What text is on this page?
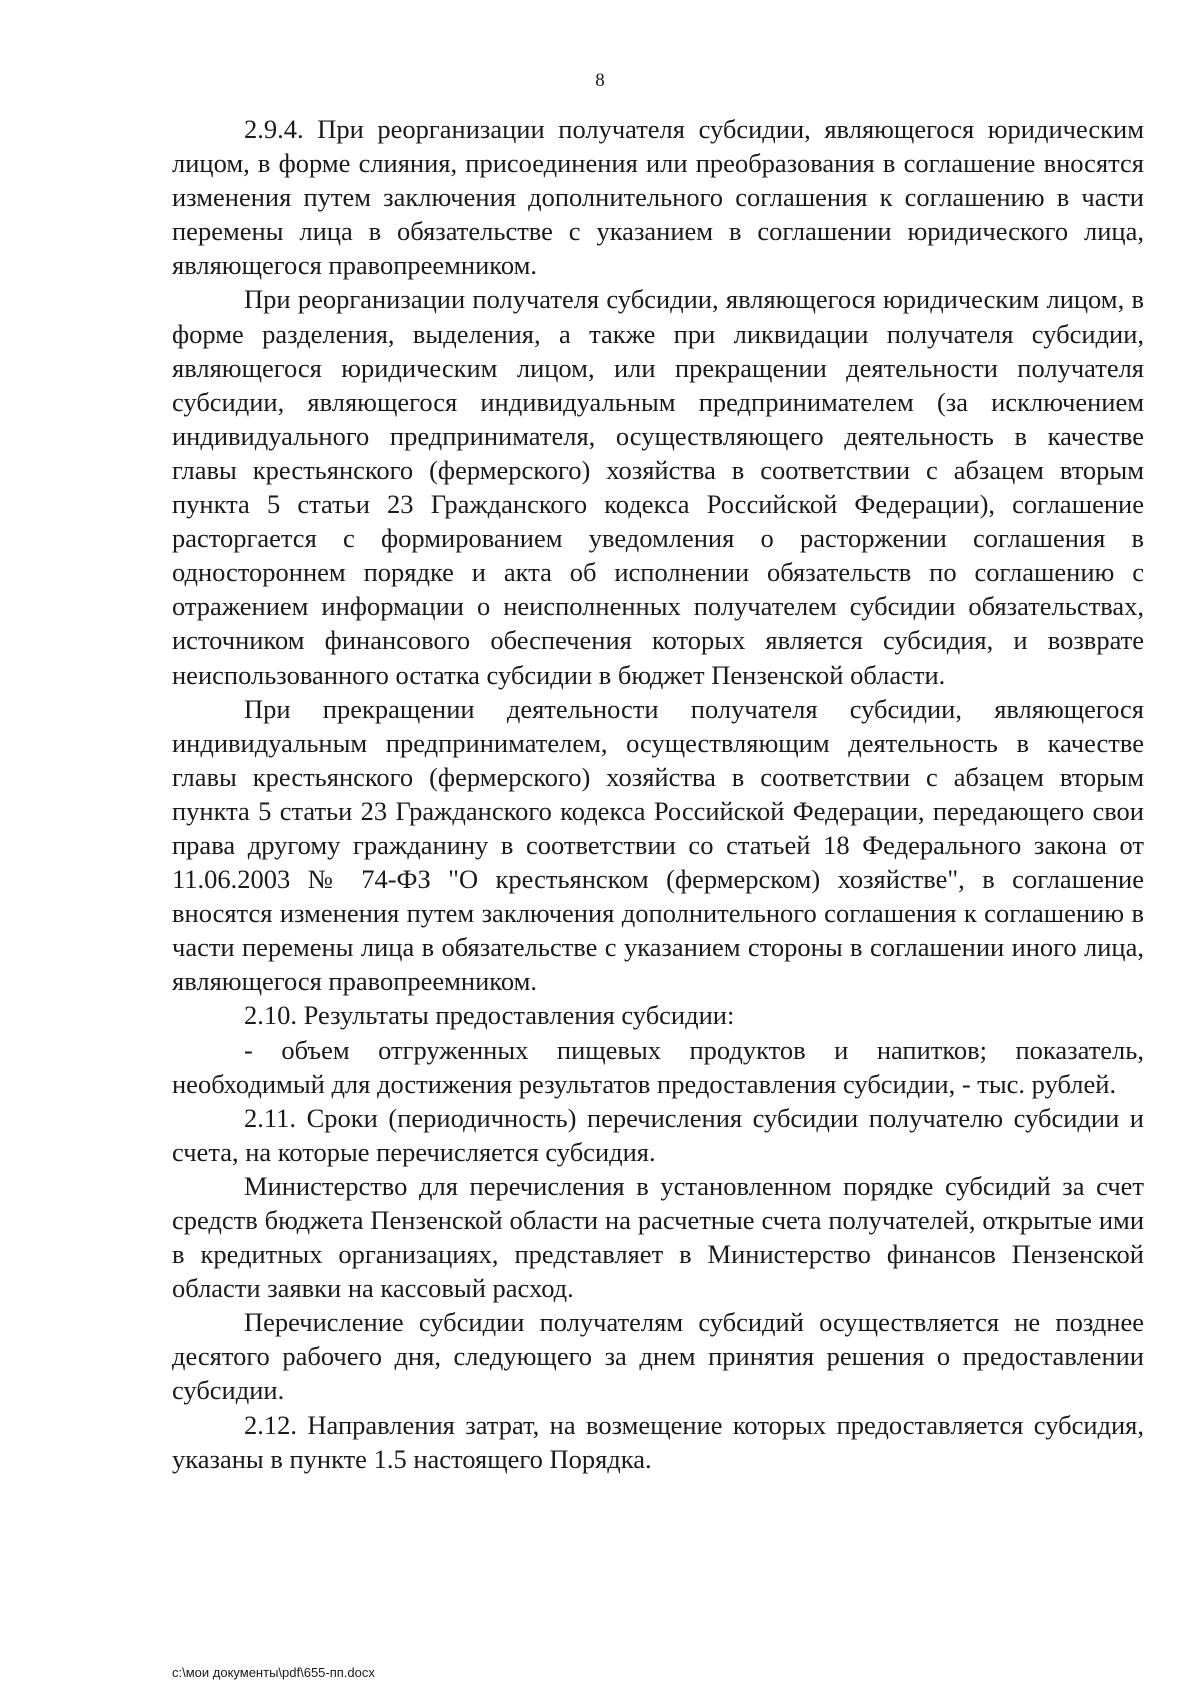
8

2.9.4. При реорганизации получателя субсидии, являющегося юридическим лицом, в форме слияния, присоединения или преобразования в соглашение вносятся изменения путем заключения дополнительного соглашения к соглашению в части перемены лица в обязательстве с указанием в соглашении юридического лица, являющегося правопреемником.

При реорганизации получателя субсидии, являющегося юридическим лицом, в форме разделения, выделения, а также при ликвидации получателя субсидии, являющегося юридическим лицом, или прекращении деятельности получателя субсидии, являющегося индивидуальным предпринимателем (за исключением индивидуального предпринимателя, осуществляющего деятельность в качестве главы крестьянского (фермерского) хозяйства в соответствии с абзацем вторым пункта 5 статьи 23 Гражданского кодекса Российской Федерации), соглашение расторгается с формированием уведомления о расторжении соглашения в одностороннем порядке и акта об исполнении обязательств по соглашению с отражением информации о неисполненных получателем субсидии обязательствах, источником финансового обеспечения которых является субсидия, и возврате неиспользованного остатка субсидии в бюджет Пензенской области.

При прекращении деятельности получателя субсидии, являющегося индивидуальным предпринимателем, осуществляющим деятельность в качестве главы крестьянского (фермерского) хозяйства в соответствии с абзацем вторым пункта 5 статьи 23 Гражданского кодекса Российской Федерации, передающего свои права другому гражданину в соответствии со статьей 18 Федерального закона от 11.06.2003 № 74-ФЗ "О крестьянском (фермерском) хозяйстве", в соглашение вносятся изменения путем заключения дополнительного соглашения к соглашению в части перемены лица в обязательстве с указанием стороны в соглашении иного лица, являющегося правопреемником.

2.10. Результаты предоставления субсидии:

- объем отгруженных пищевых продуктов и напитков; показатель, необходимый для достижения результатов предоставления субсидии, - тыс. рублей.

2.11. Сроки (периодичность) перечисления субсидии получателю субсидии и счета, на которые перечисляется субсидия.

Министерство для перечисления в установленном порядке субсидий за счет средств бюджета Пензенской области на расчетные счета получателей, открытые ими в кредитных организациях, представляет в Министерство финансов Пензенской области заявки на кассовый расход.

Перечисление субсидии получателям субсидий осуществляется не позднее десятого рабочего дня, следующего за днем принятия решения о предоставлении субсидии.

2.12. Направления затрат, на возмещение которых предоставляется субсидия, указаны в пункте 1.5 настоящего Порядка.

c:\мои документы\pdf\655-пп.docx
